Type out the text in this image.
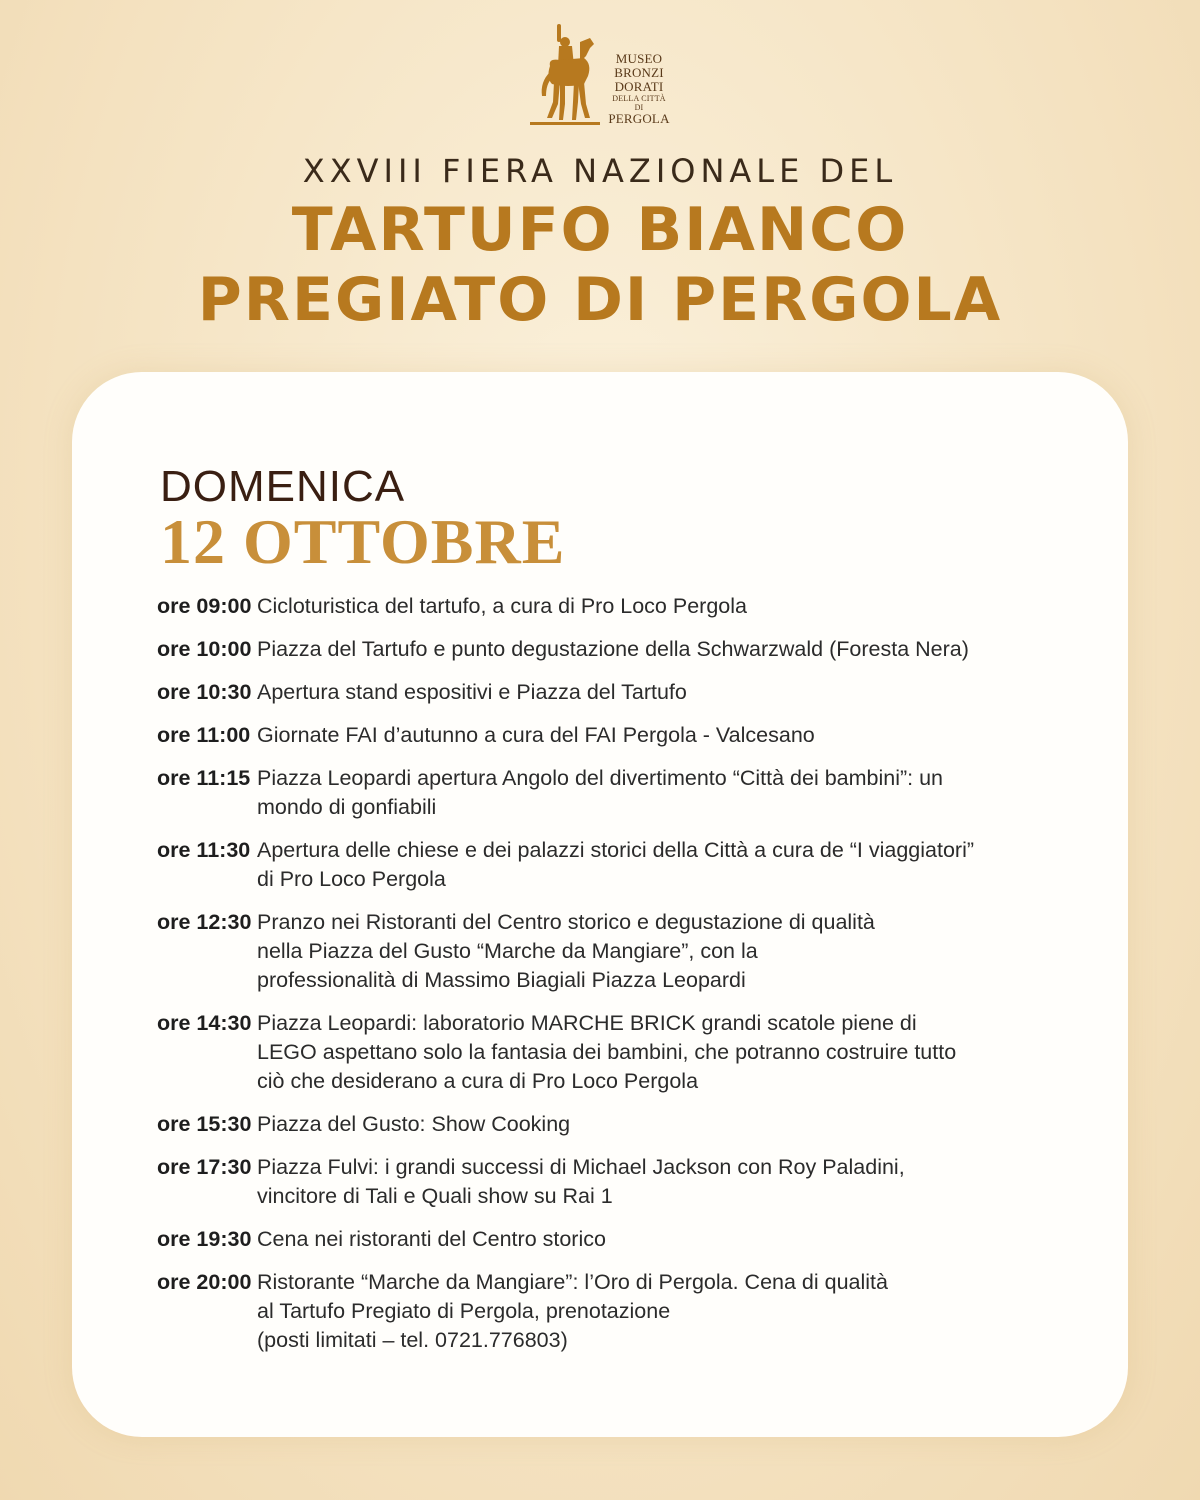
MUSEO
BRONZI
DORATI
DELLA CITTÀ
DI
PERGOLA
XXVIII FIERA NAZIONALE DEL
TARTUFO BIANCO
PREGIATO DI PERGOLA
DOMENICA
12 OTTOBRE
ore 09:00 Cicloturistica del tartufo, a cura di Pro Loco Pergola
ore 10:00 Piazza del Tartufo e punto degustazione della Schwarzwald (Foresta Nera)
ore 10:30 Apertura stand espositivi e Piazza del Tartufo
ore 11:00 Giornate FAI d’autunno a cura del FAI Pergola - Valcesano
ore 11:15 Piazza Leopardi apertura Angolo del divertimento “Città dei bambini”: un
mondo di gonfiabili
ore 11:30 Apertura delle chiese e dei palazzi storici della Città a cura de “I viaggiatori”
di Pro Loco Pergola
ore 12:30 Pranzo nei Ristoranti del Centro storico e degustazione di qualità
nella Piazza del Gusto “Marche da Mangiare”, con la
professionalità di Massimo Biagiali Piazza Leopardi
ore 14:30 Piazza Leopardi: laboratorio MARCHE BRICK grandi scatole piene di
LEGO aspettano solo la fantasia dei bambini, che potranno costruire tutto
ciò che desiderano a cura di Pro Loco Pergola
ore 15:30 Piazza del Gusto: Show Cooking
ore 17:30 Piazza Fulvi: i grandi successi di Michael Jackson con Roy Paladini,
vincitore di Tali e Quali show su Rai 1
ore 19:30 Cena nei ristoranti del Centro storico
ore 20:00 Ristorante “Marche da Mangiare”: l’Oro di Pergola. Cena di qualità
al Tartufo Pregiato di Pergola, prenotazione
(posti limitati – tel. 0721.776803)
